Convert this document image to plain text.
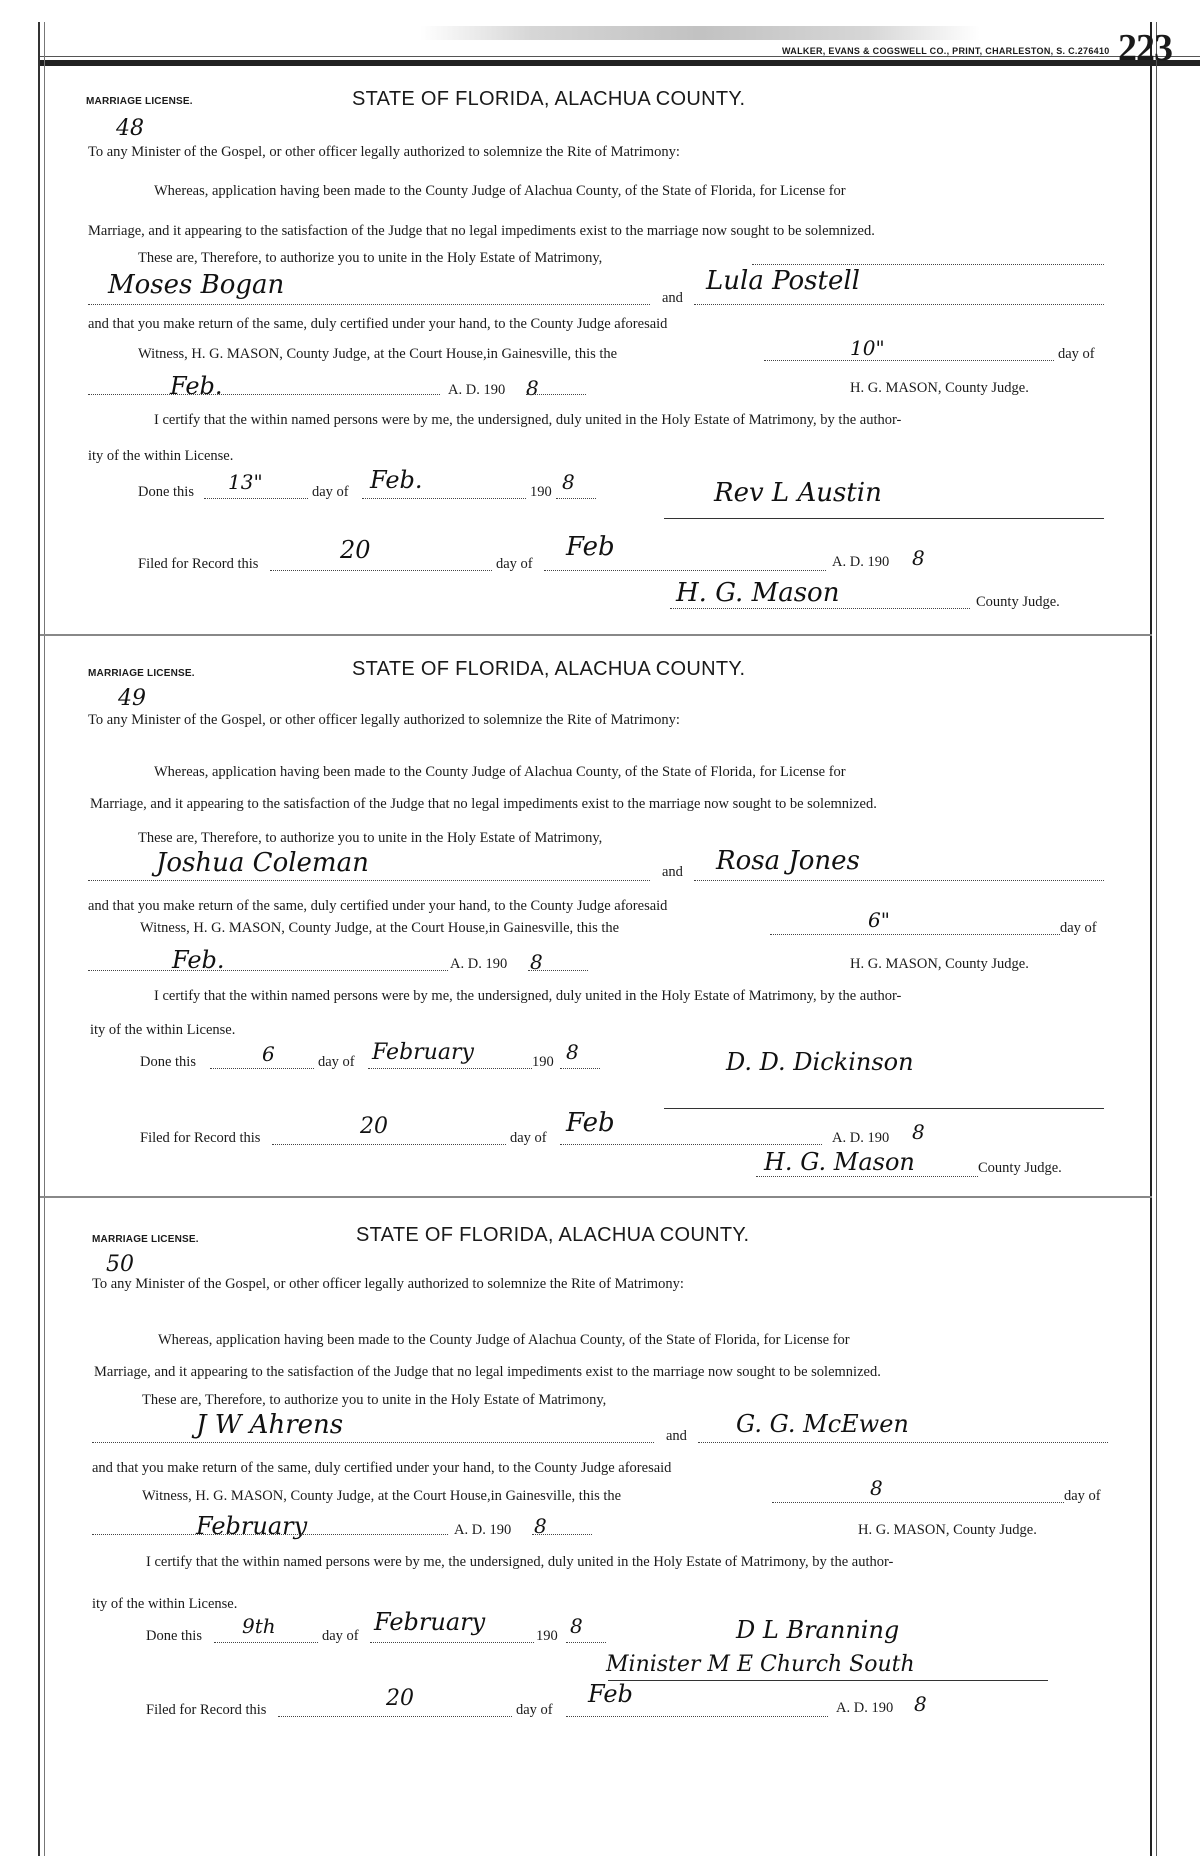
WALKER, EVANS & COGSWELL CO., PRINT, CHARLESTON, S. C.276410 223
MARRIAGE LICENSE.	STATE OF FLORIDA, ALACHUA COUNTY.
48
To any Minister of the Gospel, or other officer legally authorized to solemnize the Rite of Matrimony:
Whereas, application having been made to the County Judge of Alachua County, of the State of Florida, for License for
Marriage, and it appearing to the satisfaction of the Judge that no legal impediments exist to the marriage now sought to be solemnized.
These are, Therefore, to authorize you to unite in the Holy Estate of Matrimony,
Moses Bogan	and
Lula Postell
and that you make return of the same, duly certified under your hand, to the County Judge aforesaid
Witness, H. G. MASON, County Judge, at the Court House,in Gainesville, this the	10"	day of
Feb.	A. D. 190 8	H. G. MASON, County Judge.
I certify that the within named persons were by me, the undersigned, duly united in the Holy Estate of Matrimony, by the author-
ity of the within License.
Done this 13"	day of Feb.	190 8	Rev L Austin
Filed for Record this	20	day of
Feb	A. D. 190 8
H. G. Mason	County Judge.
MARRIAGE LICENSE.	STATE OF FLORIDA, ALACHUA COUNTY.
49
To any Minister of the Gospel, or other officer legally authorized to solemnize the Rite of Matrimony:
Whereas, application having been made to the County Judge of Alachua County, of the State of Florida, for License for
Marriage, and it appearing to the satisfaction of the Judge that no legal impediments exist to the marriage now sought to be solemnized.
These are, Therefore, to authorize you to unite in the Holy Estate of Matrimony,
Joshua Coleman	and Rosa Jones
and that you make return of the same, duly certified under your hand, to the County Judge aforesaid
Witness, H. G. MASON, County Judge, at the Court House,in Gainesville, this the	6"	day of
Feb.	A. D. 190 8	H. G. MASON, County Judge.
I certify that the within named persons were by me, the undersigned, duly united in the Holy Estate of Matrimony, by the author-
ity of the within License.
Done this	6	day of February	190 8	D. D. Dickinson
Filed for Record this	20	day of Feb	A. D. 190 8
H. G. Mason	County Judge.
MARRIAGE LICENSE.	STATE OF FLORIDA, ALACHUA COUNTY.
50
To any Minister of the Gospel, or other officer legally authorized to solemnize the Rite of Matrimony:
Whereas, application having been made to the County Judge of Alachua County, of the State of Florida, for License for
Marriage, and it appearing to the satisfaction of the Judge that no legal impediments exist to the marriage now sought to be solemnized.
These are, Therefore, to authorize you to unite in the Holy Estate of Matrimony,
J W Ahrens	and G. G. McEwen
and that you make return of the same, duly certified under your hand, to the County Judge aforesaid
Witness, H. G. MASON, County Judge, at the Court House,in Gainesville, this the	8	day of
February	A. D. 190 8	H. G. MASON, County Judge.
I certify that the within named persons were by me, the undersigned, duly united in the Holy Estate of Matrimony, by the author-
ity of the within License.
Done this 9th	day of February	190 8	D L Branning
Minister M E Church South
Filed for Record this	20	day of
Feb	A. D. 190 8
